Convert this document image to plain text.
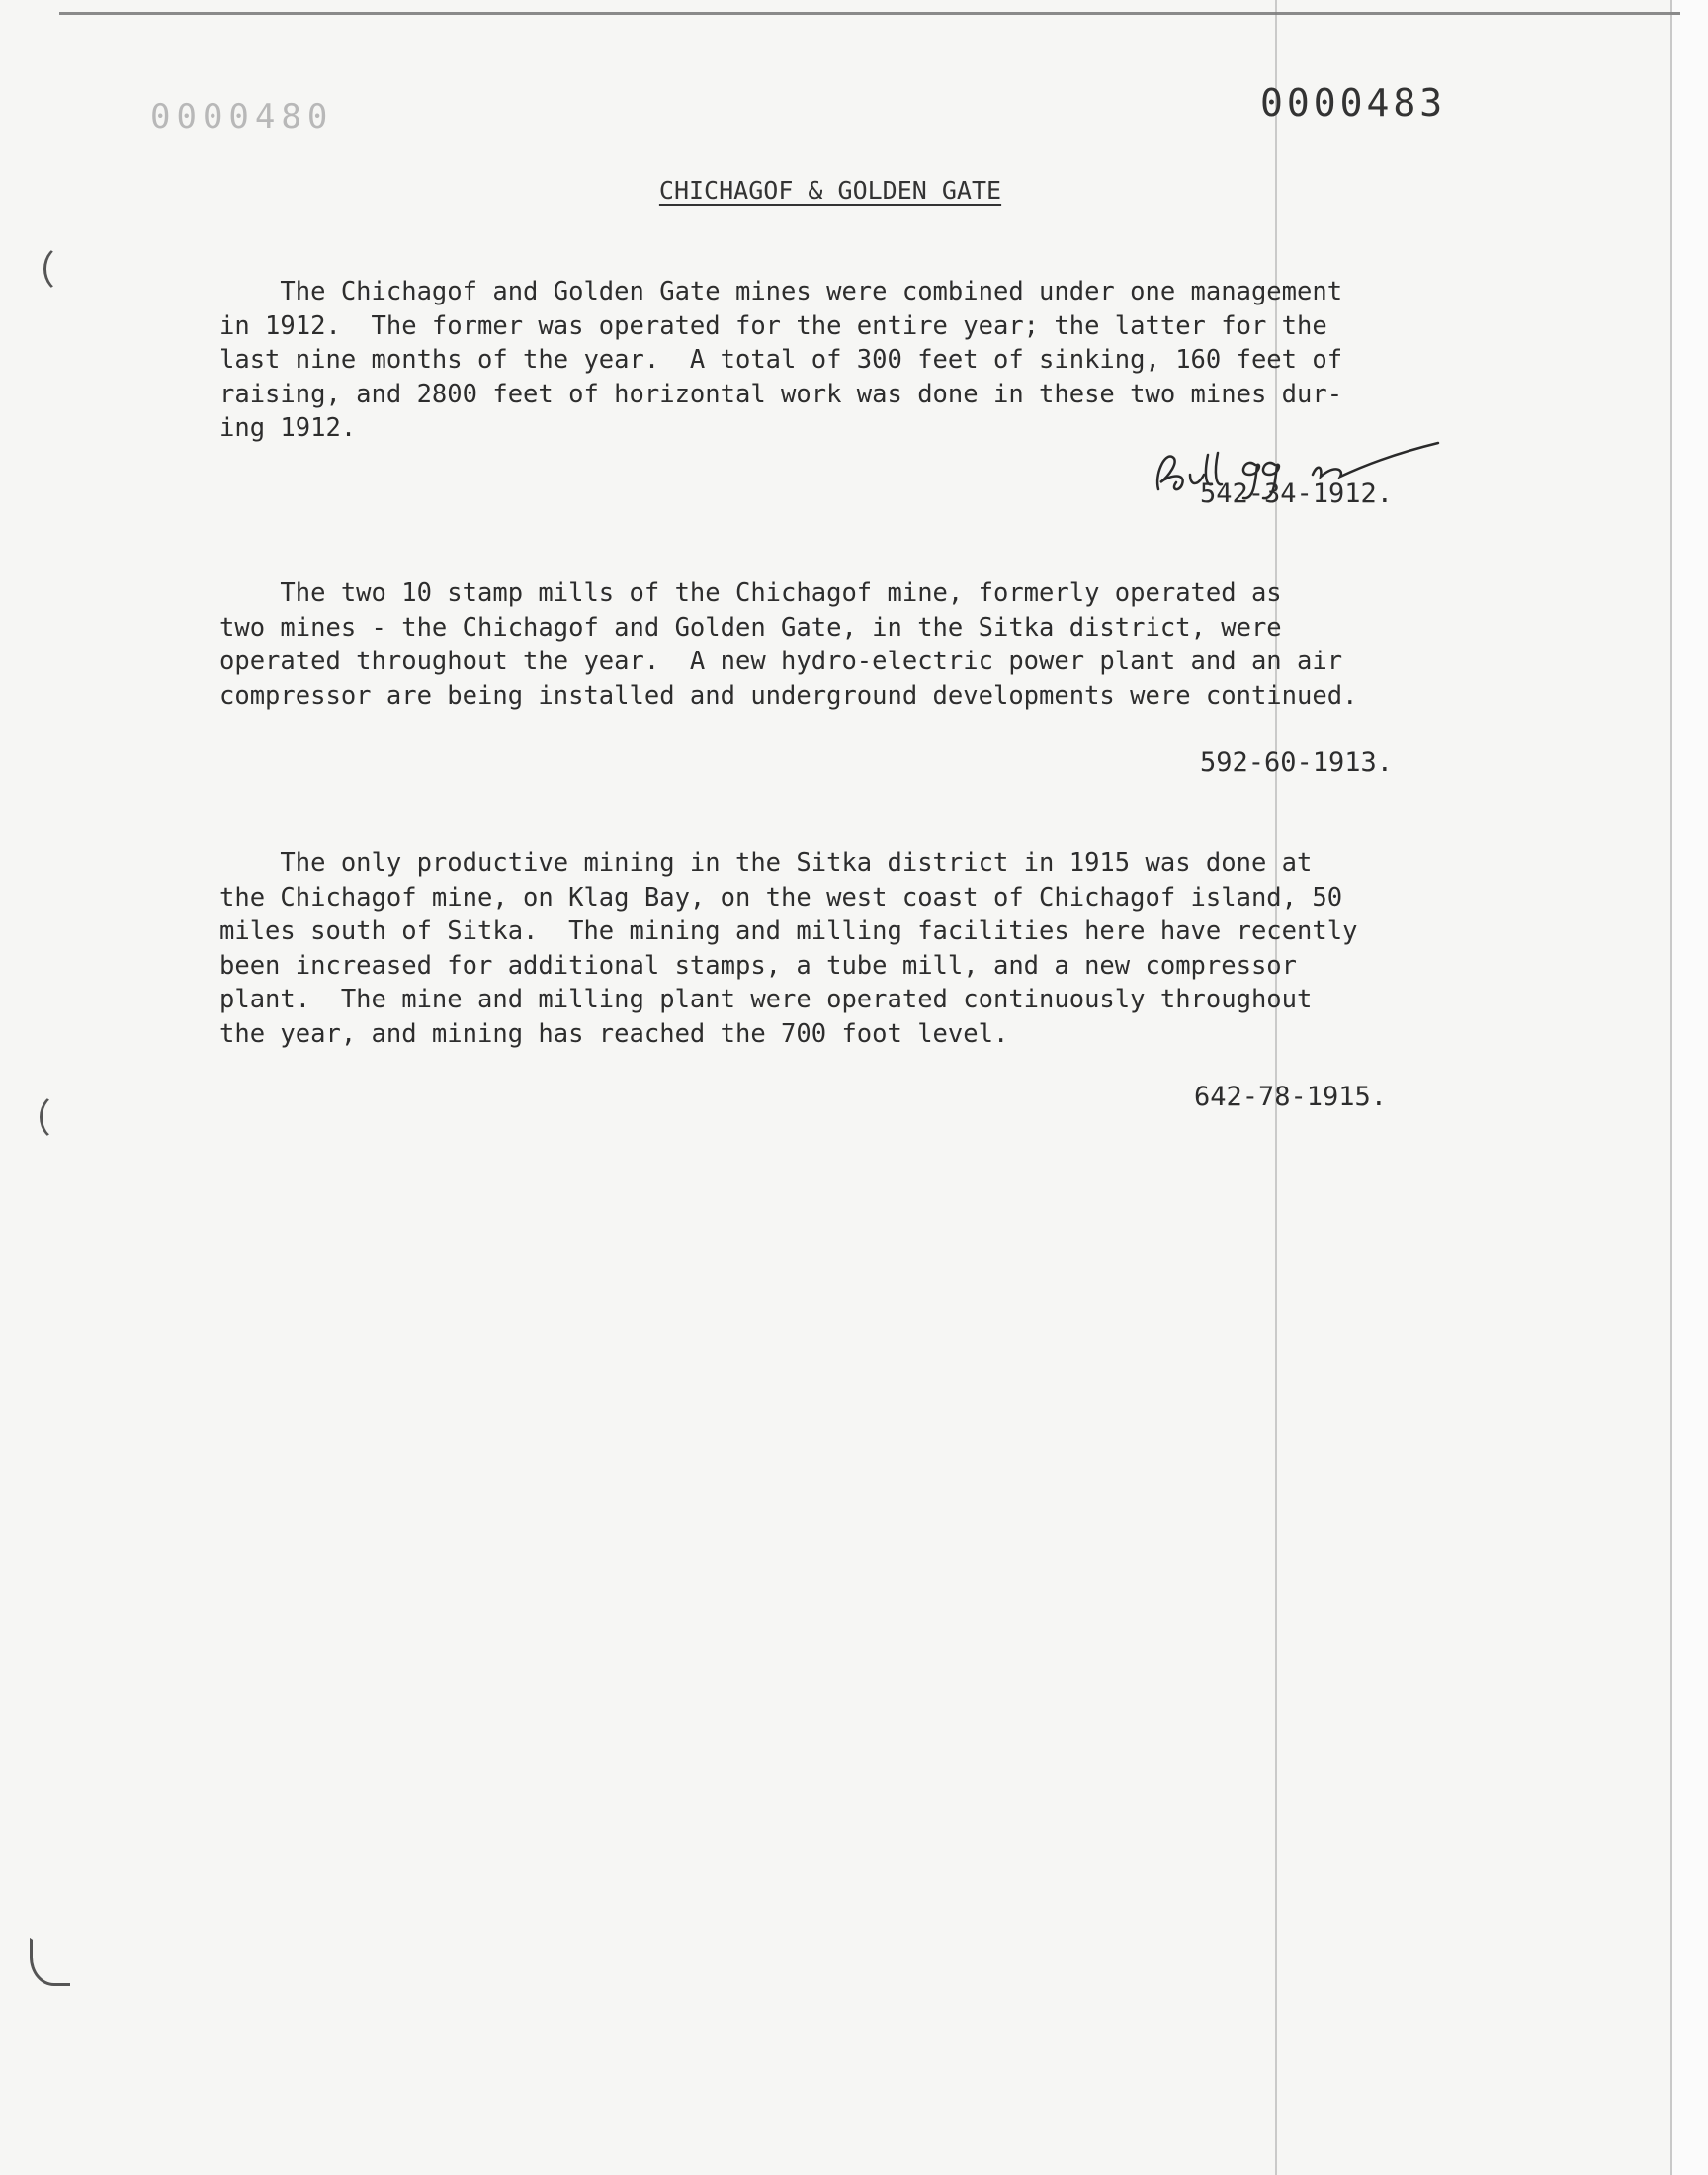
0000480	0000483
CHICHAGOF & GOLDEN GATE
The Chichagof and Golden Gate mines were combined under one management
in 1912.  The former was operated for the entire year; the latter for the
last nine months of the year.  A total of 300 feet of sinking, 160 feet of
raising, and 2800 feet of horizontal work was done in these two mines dur-
ing 1912.
542-34-1912.
The two 10 stamp mills of the Chichagof mine, formerly operated as
two mines - the Chichagof and Golden Gate, in the Sitka district, were
operated throughout the year.  A new hydro-electric power plant and an air
compressor are being installed and underground developments were continued.
592-60-1913.
The only productive mining in the Sitka district in 1915 was done at
the Chichagof mine, on Klag Bay, on the west coast of Chichagof island, 50
miles south of Sitka.  The mining and milling facilities here have recently
been increased for additional stamps, a tube mill, and a new compressor
plant.  The mine and milling plant were operated continuously throughout
the year, and mining has reached the 700 foot level.
642-78-1915.
